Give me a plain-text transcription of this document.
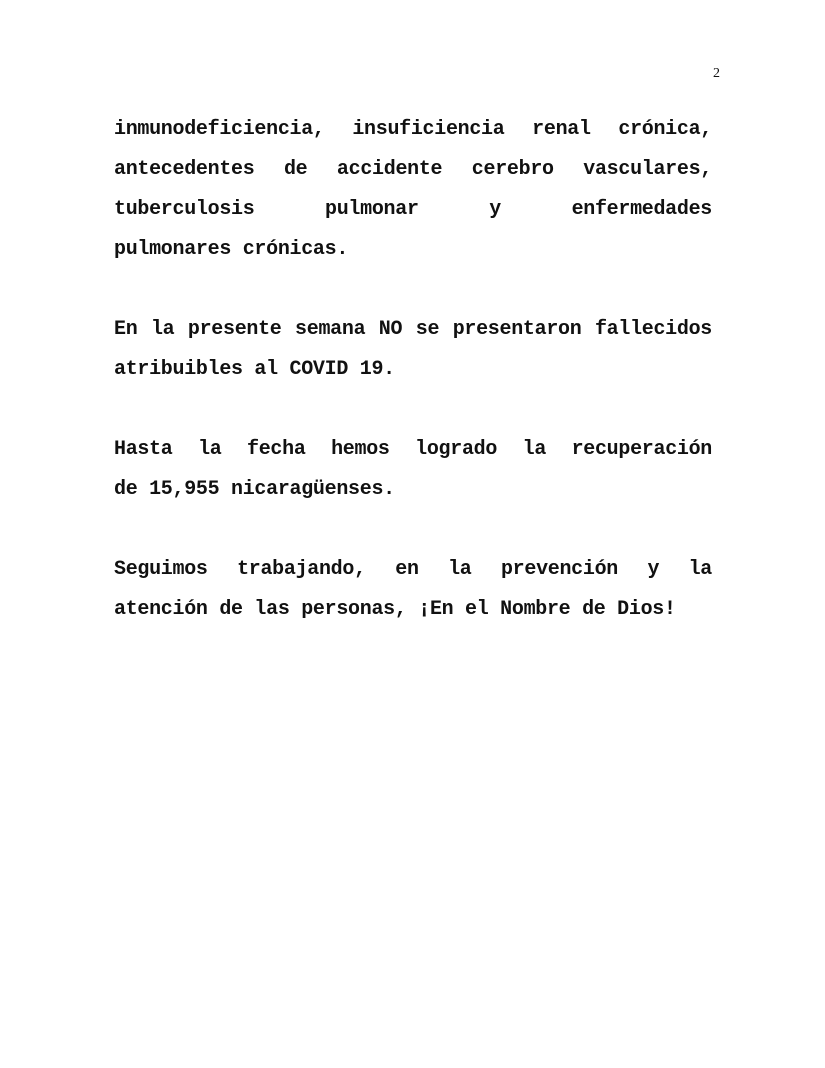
2

inmunodeficiencia, insuficiencia renal crónica,
antecedentes de accidente cerebro vasculares,
tuberculosis pulmonar y enfermedades
pulmonares crónicas.

En la presente semana NO se presentaron fallecidos
atribuibles al COVID 19.

Hasta la fecha hemos logrado la recuperación
de 15,955 nicaragüenses.

Seguimos trabajando, en la prevención y la
atención de las personas, ¡En el Nombre de Dios!
